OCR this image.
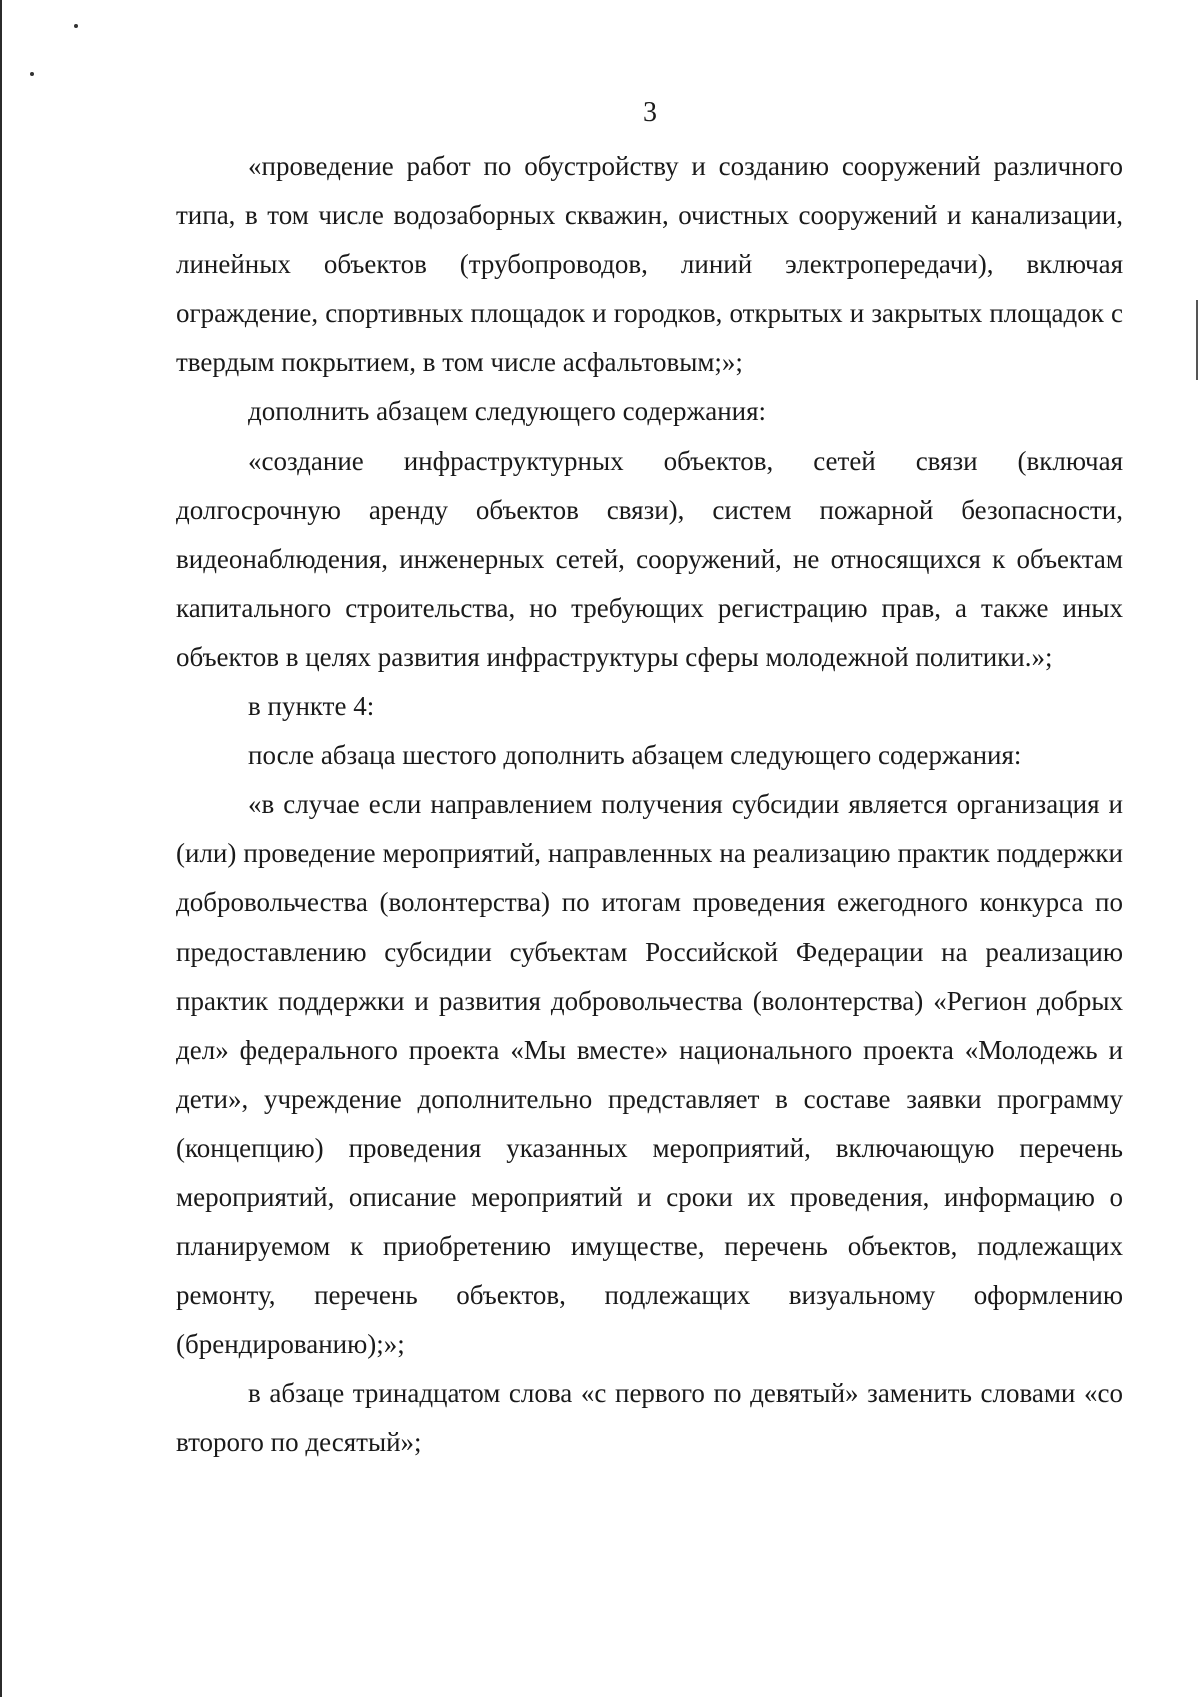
3

«проведение работ по обустройству и созданию сооружений различного типа, в том числе водозаборных скважин, очистных сооружений и канализации, линейных объектов (трубопроводов, линий электропередачи), включая ограждение, спортивных площадок и городков, открытых и закрытых площадок с твердым покрытием, в том числе асфальтовым;»;

дополнить абзацем следующего содержания:

«создание инфраструктурных объектов, сетей связи (включая долгосрочную аренду объектов связи), систем пожарной безопасности, видеонаблюдения, инженерных сетей, сооружений, не относящихся к объектам капитального строительства, но требующих регистрацию прав, а также иных объектов в целях развития инфраструктуры сферы молодежной политики.»;

в пункте 4:

после абзаца шестого дополнить абзацем следующего содержания:

«в случае если направлением получения субсидии является организация и (или) проведение мероприятий, направленных на реализацию практик поддержки добровольчества (волонтерства) по итогам проведения ежегодного конкурса по предоставлению субсидии субъектам Российской Федерации на реализацию практик поддержки и развития добровольчества (волонтерства) «Регион добрых дел» федерального проекта «Мы вместе» национального проекта «Молодежь и дети», учреждение дополнительно представляет в составе заявки программу (концепцию) проведения указанных мероприятий, включающую перечень мероприятий, описание мероприятий и сроки их проведения, информацию о планируемом к приобретению имуществе, перечень объектов, подлежащих ремонту, перечень объектов, подлежащих визуальному оформлению (брендированию);»;

в абзаце тринадцатом слова «с первого по девятый» заменить словами «со второго по десятый»;
